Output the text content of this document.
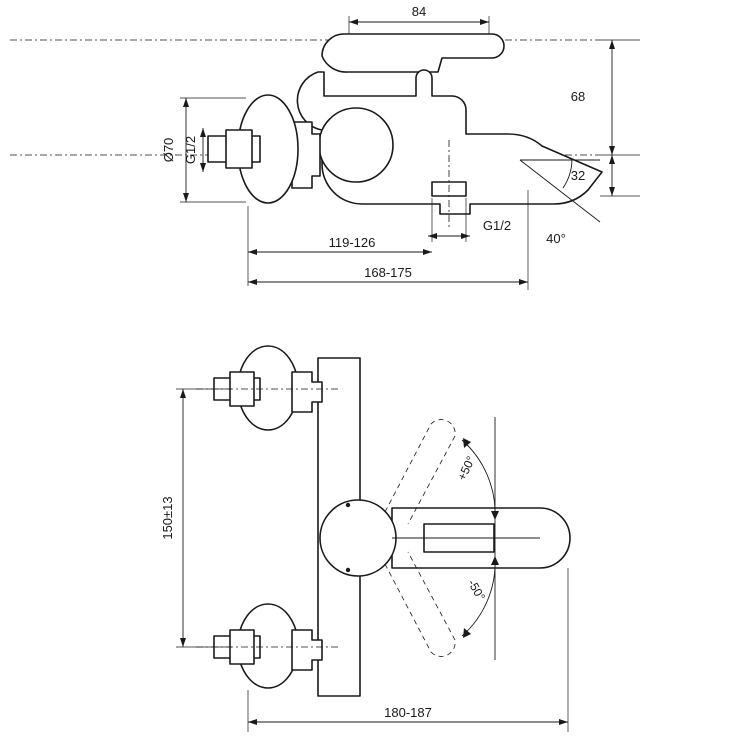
84
Ø70 G1/2
68
32
G1/2
40°
119-126
168-175
+50°
-50°
150±13
180-187
